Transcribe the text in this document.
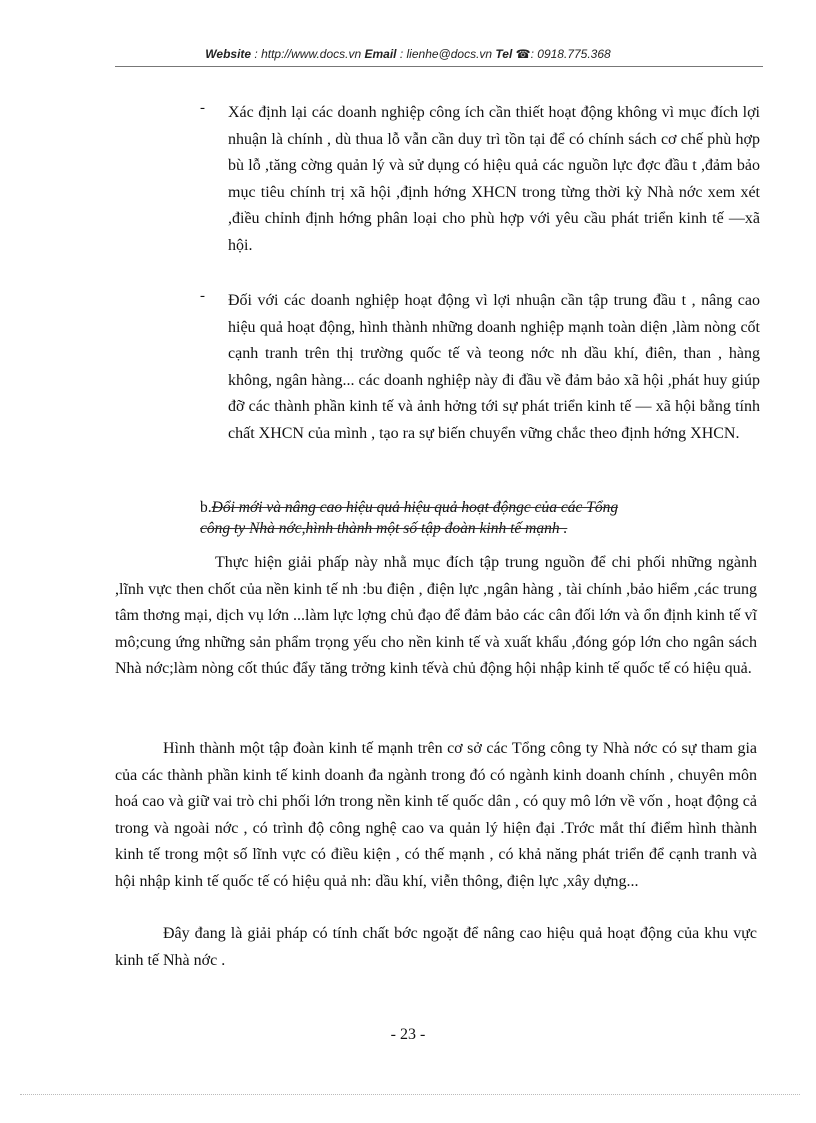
Website : http://www.docs.vn Email : lienhe@docs.vn Tel ☎: 0918.775.368
- Xác định lại các doanh nghiệp công ích cần thiết hoạt động không vì mục đích lợi nhuận là chính , dù thua lỗ vẫn cần duy trì tồn tại để có chính sách cơ chế phù hợp bù lỗ ,tăng cờng quản lý và sử dụng có hiệu quả các nguồn lực đợc đầu t ,đảm bảo mục tiêu chính trị xã hội ,định hớng XHCN trong từng thời kỳ Nhà nớc xem xét ,điều chỉnh định hớng phân loại cho phù hợp với yêu cầu phát triển kinh tế —xã hội.
- Đối với các doanh nghiệp hoạt động vì lợi nhuận cần tập trung đầu t , nâng cao hiệu quả hoạt động, hình thành những doanh nghiệp mạnh toàn diện ,làm nòng cốt cạnh tranh trên thị trường quốc tế và teong nớc nh dầu khí, điên, than , hàng không, ngân hàng... các doanh nghiệp này đi đầu về đảm bảo xã hội ,phát huy giúp đỡ các thành phần kinh tế và ảnh hởng tới sự phát triển kinh tế — xã hội bằng tính chất XHCN của mình , tạo ra sự biến chuyển vững chắc theo định hớng XHCN.
b.Đổi mới và nâng cao hiệu quả hiệu quả hoạt độngc của các Tổng
công ty Nhà nớc,hình thành một số tập đoàn kinh tế mạnh .
Thực hiện giải phấp này nhằ mục đích tập trung nguồn để chi phối những ngành ,lĩnh vực then chốt của nền kinh tế nh :bu điện , điện lực ,ngân hàng , tài chính ,bảo hiểm ,các trung tâm thơng mại, dịch vụ lớn ...làm lực lợng chủ đạo để đảm bảo các cân đối lớn và ổn định kinh tế vĩ mô;cung ứng những sản phẩm trọng yếu cho nền kinh tế và xuất khẩu ,đóng góp lớn cho ngân sách Nhà nớc;làm nòng cốt thúc đẩy tăng trởng kinh tếvà chủ động hội nhập kinh tế quốc tế có hiệu quả.
Hình thành một tập đoàn kinh tế mạnh trên cơ sở các Tổng công ty Nhà nớc có sự tham gia của các thành phần kinh tế kinh doanh đa ngành trong đó có ngành kinh doanh chính , chuyên môn hoá cao và giữ vai trò chi phối lớn trong nền kinh tế quốc dân , có quy mô lớn về vốn , hoạt động cả trong và ngoài nớc , có trình độ công nghệ cao va quản lý hiện đại .Trớc mắt thí điểm hình thành kinh tế trong một số lĩnh vực có điều kiện , có thế mạnh , có khả năng phát triển để cạnh tranh và hội nhập kinh tế quốc tế có hiệu quả nh: dầu khí, viễn thông, điện lực ,xây dựng...
Đây đang là giải pháp có tính chất bớc ngoặt để nâng cao hiệu quả hoạt động của khu vực kinh tế Nhà nớc .
- 23 -
